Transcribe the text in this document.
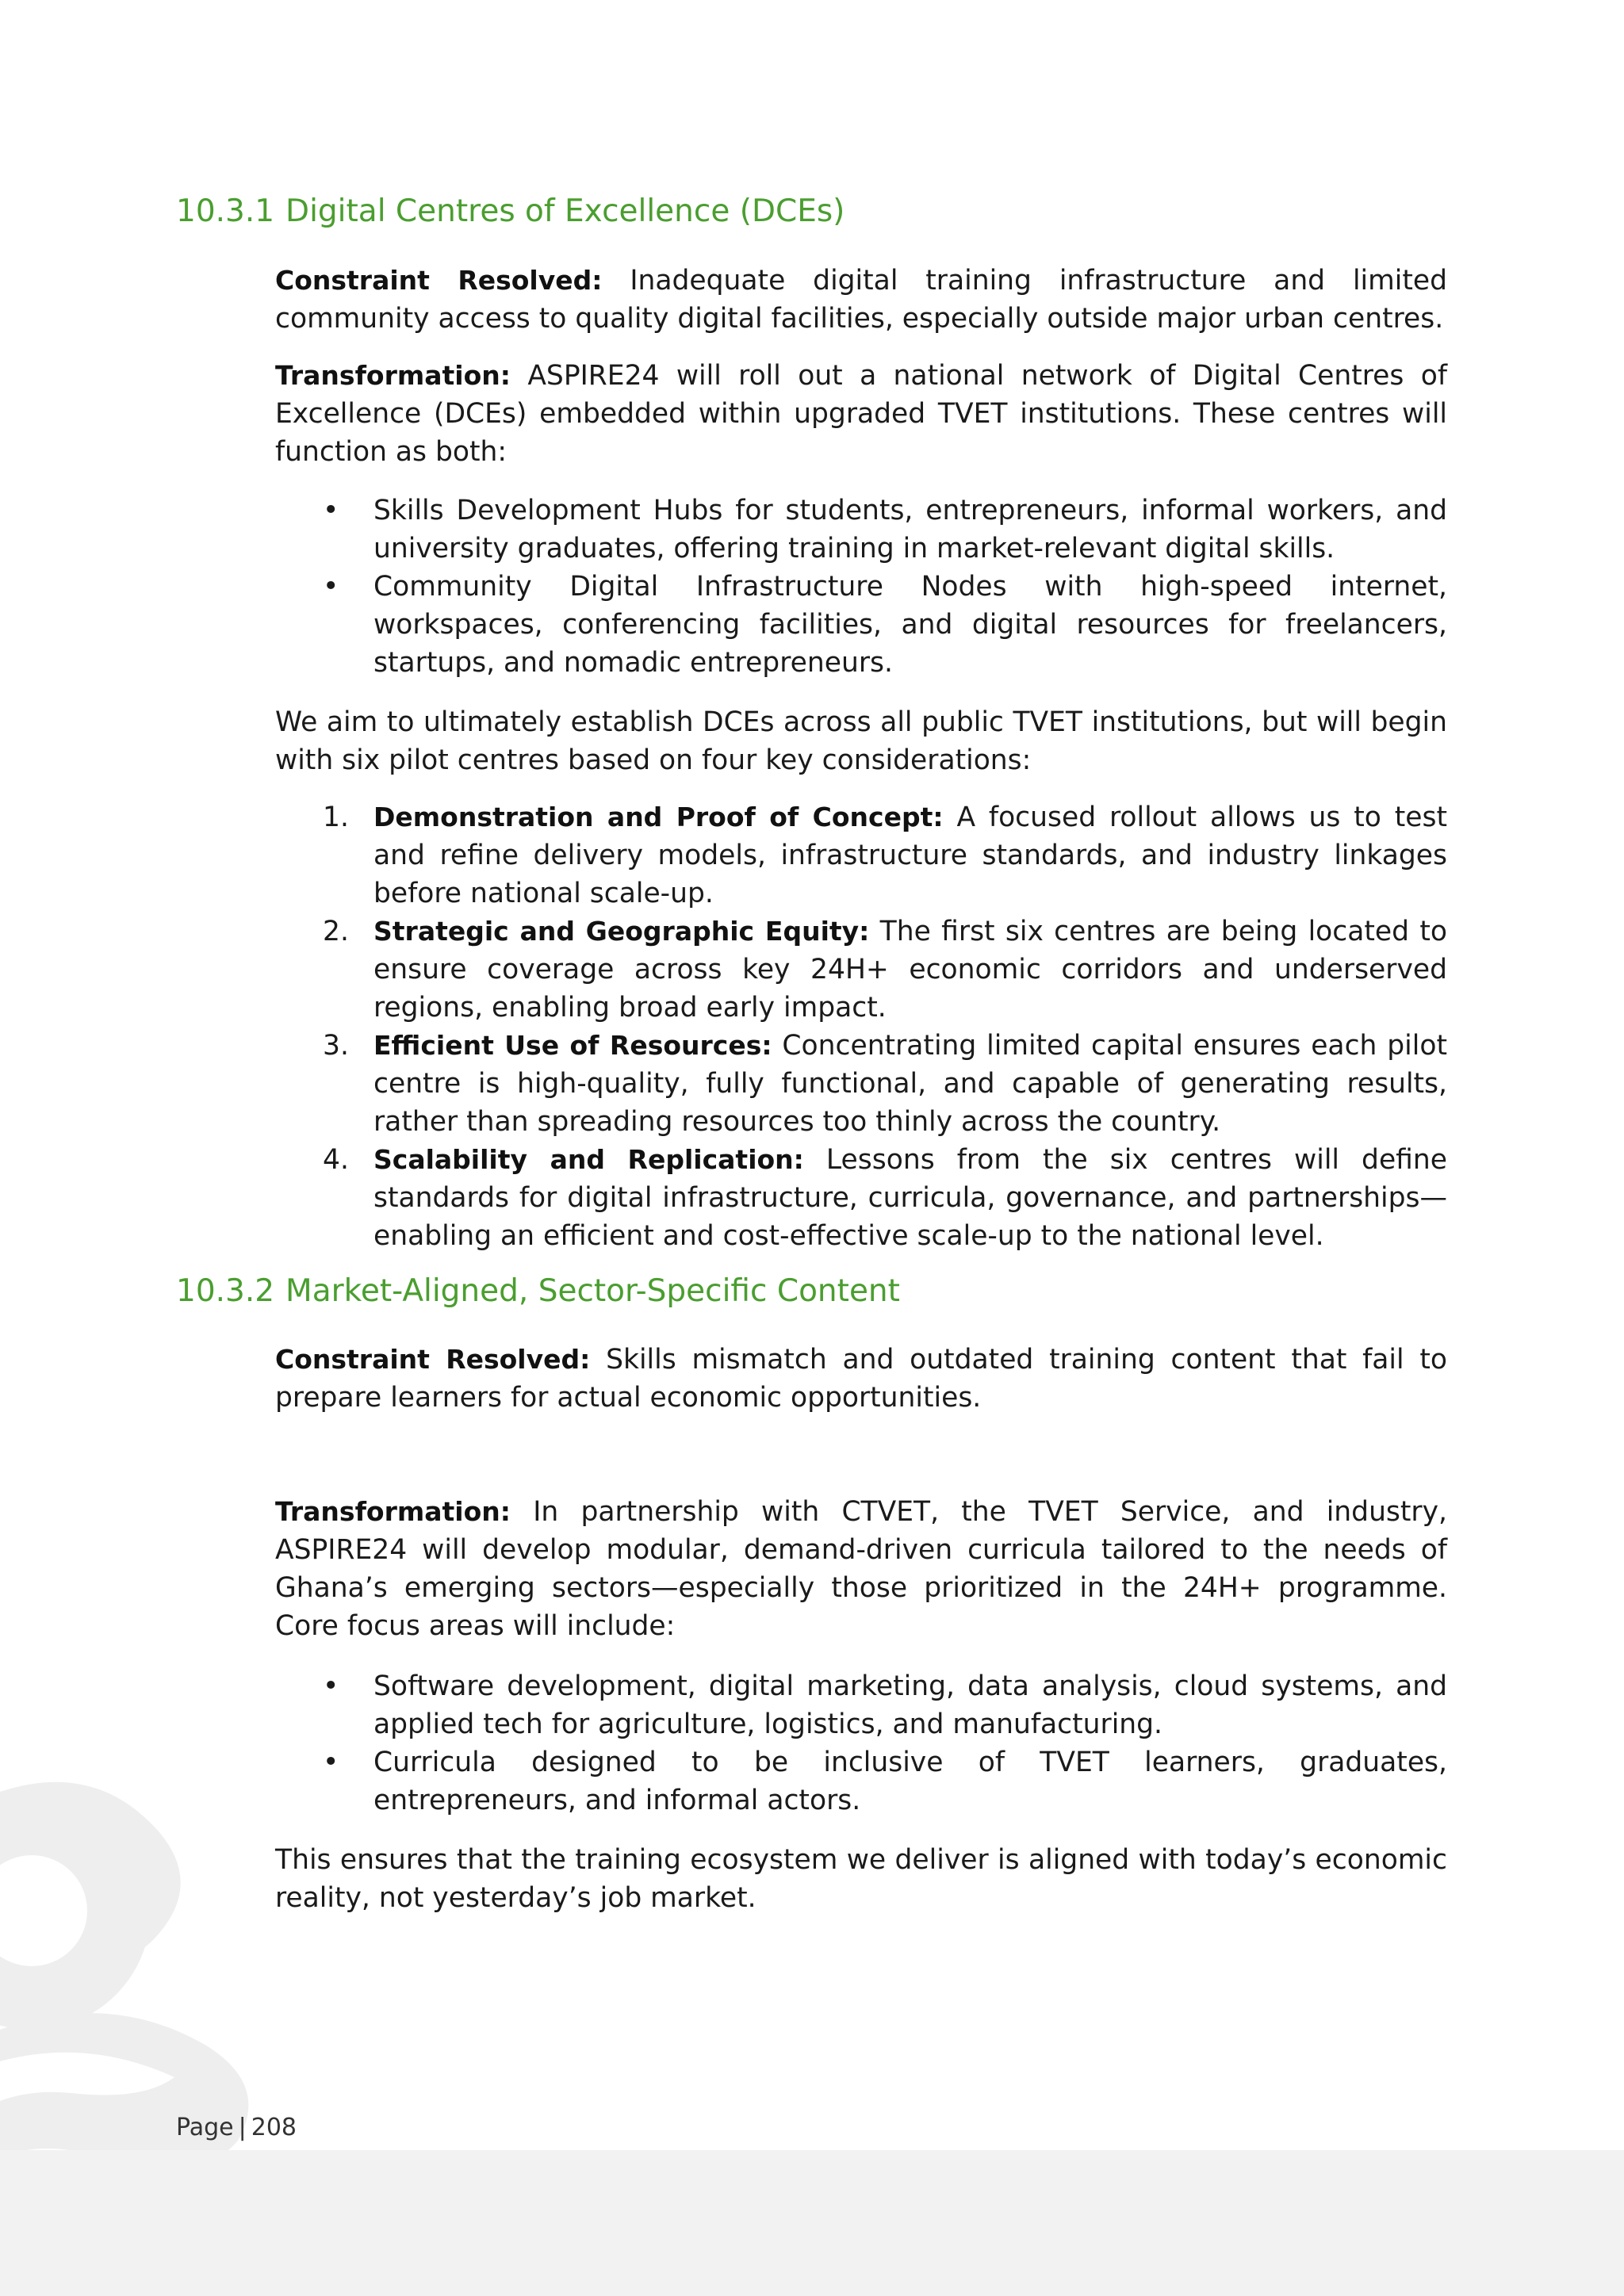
10.3.1 Digital Centres of Excellence (DCEs)

Constraint Resolved: Inadequate digital training infrastructure and limited community access to quality digital facilities, especially outside major urban centres.

Transformation: ASPIRE24 will roll out a national network of Digital Centres of Excellence (DCEs) embedded within upgraded TVET institutions. These centres will function as both:

•	Skills Development Hubs for students, entrepreneurs, informal workers, and university graduates, offering training in market-relevant digital skills.
•	Community Digital Infrastructure Nodes with high-speed internet, workspaces, conferencing facilities, and digital resources for freelancers, startups, and nomadic entrepreneurs.

We aim to ultimately establish DCEs across all public TVET institutions, but will begin with six pilot centres based on four key considerations:

1. Demonstration and Proof of Concept: A focused rollout allows us to test and refine delivery models, infrastructure standards, and industry linkages before national scale-up.
2. Strategic and Geographic Equity: The first six centres are being located to ensure coverage across key 24H+ economic corridors and underserved regions, enabling broad early impact.
3. Efficient Use of Resources: Concentrating limited capital ensures each pilot centre is high-quality, fully functional, and capable of generating results, rather than spreading resources too thinly across the country.
4. Scalability and Replication: Lessons from the six centres will define standards for digital infrastructure, curricula, governance, and partnerships—enabling an efficient and cost-effective scale-up to the national level.
10.3.2 Market-Aligned, Sector-Specific Content

Constraint Resolved: Skills mismatch and outdated training content that fail to prepare learners for actual economic opportunities.

Transformation: In partnership with CTVET, the TVET Service, and industry, ASPIRE24 will develop modular, demand-driven curricula tailored to the needs of Ghana’s emerging sectors—especially those prioritized in the 24H+ programme. Core focus areas will include:

•	Software development, digital marketing, data analysis, cloud systems, and applied tech for agriculture, logistics, and manufacturing.
•	Curricula designed to be inclusive of TVET learners, graduates, entrepreneurs, and informal actors.

This ensures that the training ecosystem we deliver is aligned with today’s economic reality, not yesterday’s job market.

Page | 208
